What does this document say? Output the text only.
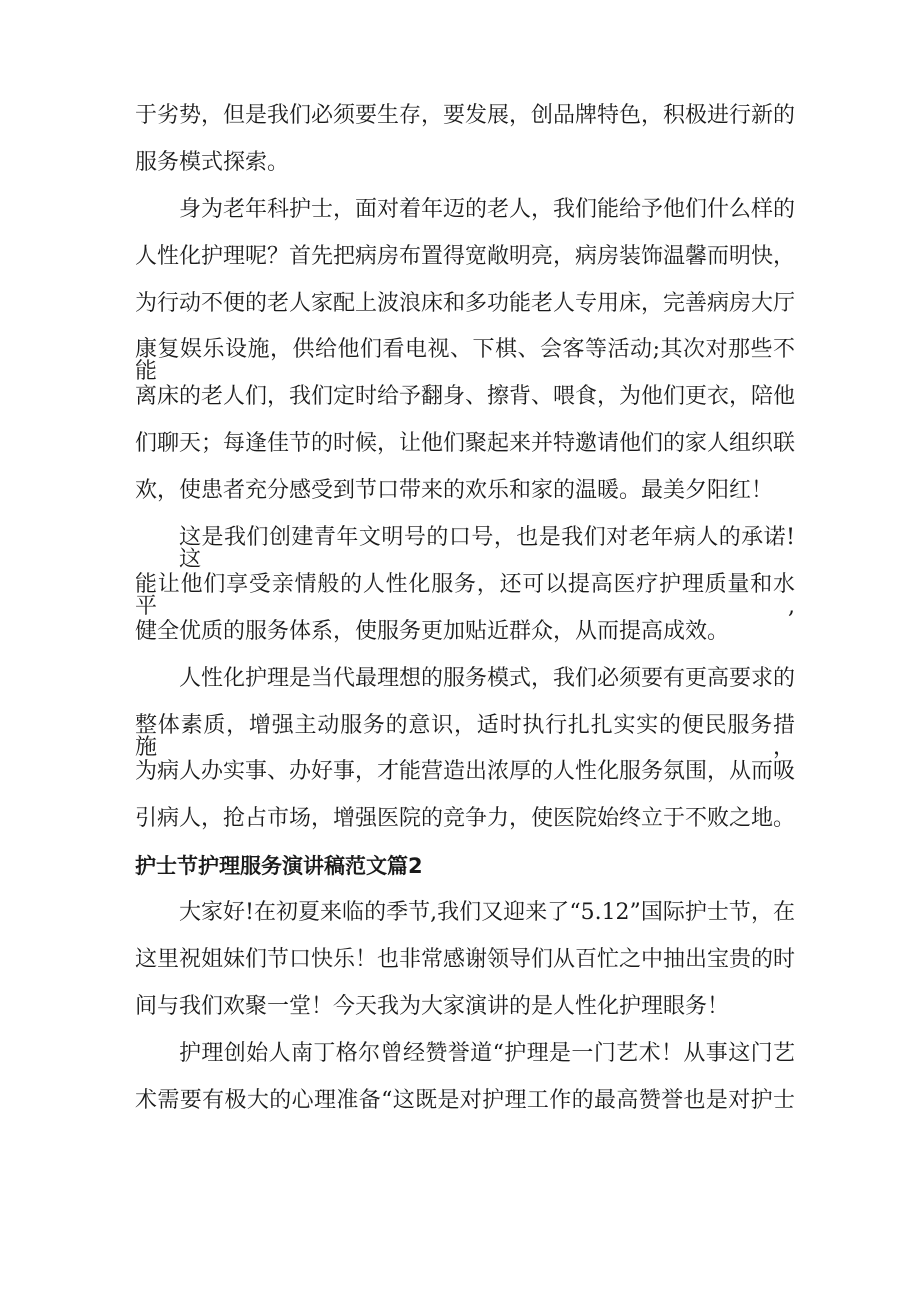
于劣势，但是我们必须要生存，要发展，创品牌特色，积极进行新的
服务模式探索。
身为老年科护士，面对着年迈的老人，我们能给予他们什么样的
人性化护理呢？首先把病房布置得宽敞明亮，病房装饰温馨而明快，
为行动不便的老人家配上波浪床和多功能老人专用床，完善病房大厅
康复娱乐设施，供给他们看电视、下棋、会客等活动;其次对那些不能
离床的老人们，我们定时给予翻身、擦背、喂食，为他们更衣，陪他
们聊天；每逢佳节的时候，让他们聚起来并特邀请他们的家人组织联
欢，使患者充分感受到节口带来的欢乐和家的温暖。最美夕阳红！
这是我们创建青年文明号的口号，也是我们对老年病人的承诺!这
能让他们享受亲情般的人性化服务，还可以提高医疗护理质量和水平,
健全优质的服务体系，使服务更加贴近群众，从而提高成效。
人性化护理是当代最理想的服务模式，我们必须要有更高要求的
整体素质，增强主动服务的意识，适时执行扎扎实实的便民服务措施，
为病人办实事、办好事，才能营造出浓厚的人性化服务氛围，从而吸
引病人，抢占市场，增强医院的竞争力，使医院始终立于不败之地。
护士节护理服务演讲稿范文篇2
大家好!在初夏来临的季节,我们又迎来了“5.12”国际护士节，在
这里祝姐妹们节口快乐！也非常感谢领导们从百忙之中抽出宝贵的时
间与我们欢聚一堂！今天我为大家演讲的是人性化护理眼务！
护理创始人南丁格尔曾经赞誉道“护理是一门艺术！从事这门艺
术需要有极大的心理准备“这既是对护理工作的最高赞誉也是对护士
